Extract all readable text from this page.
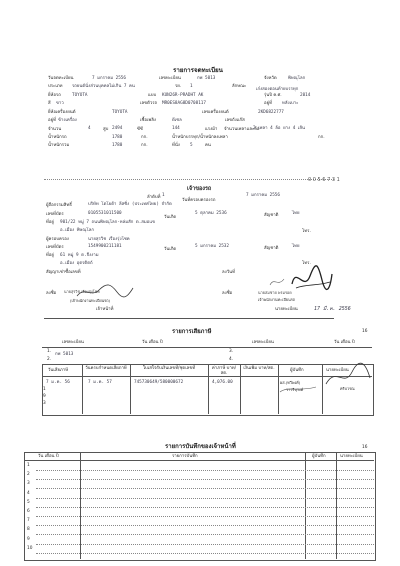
รายการจดทะเบียน
วันจดทะเบียน	7 มกราคม 2556	เลขทะเบียน	กพ 5013	จังหวัด	พิษณุโลก
ประเภท รถยนต์นั่งส่วนบุคคลไม่เกิน 7 คน	รย. 1	ลักษณะ
เก๋งสองตอนท้ายบรรทุก
ยี่ห้อรถ	TOYOTA	แบบ KUN26R-PRADHT AK	รุ่นปี ค.ศ.	2014
สี ขาว	เลขตัวรถ MR0ES8AG8D0708117	อยู่ที่ หลังเบาะ
ยี่ห้อเครื่องยนต์	TOYOTA	เลขเครื่องยนต์	2KD6822777
อยู่ที่ ข้างเครื่อง	เชื้อเพลิง	ดีเซล	เลขถังแก๊ส
จำนวน	4	สูบ 2494	ซีซี	144	แรงม้า จำนวนเพลาและล้อ
2 เพลา 4 ล้อ ยาง 4 เส้น
น้ำหนักรถ	1780	กก.	น้ำหนักบรรทุก/น้ำหนักลงเพลา	กก.
น้ำหนักรวม	1780	กก.	ที่นั่ง 5	คน
0 0 5 6 7 3 1
เจ้าของรถ
ลำดับที่ 1
วันที่ครอบครองรถ
7 มกราคม 2556
ผู้ถือกรรมสิทธิ์	บริษัท โตโยต้า ลีสซิ่ง (ประเทศไทย) จำกัด
เลขที่บัตร	0105531011500
วันเกิด
5 ตุลาคม 2536	สัญชาติ	ไทย
ที่อยู่ 901/22 หมู่ 7 ถนนพิษณุโลก-หล่มสัก ต.สมอแข
อ.เมือง พิษณุโลก	โทร.
ผู้ครอบครอง	นายสุรวิช เรืองรุ่งโชค
เลขที่บัตร	1549900211181
วันเกิด
5 มกราคม 2532	สัญชาติ	ไทย
ที่อยู่ 61 หมู่ 9 ต.จึงงาม
อ.เมือง อุตรดิตถ์	โทร.
สัญญาเช่าซื้อเลขที่	ลงวันที่
ลงชื่อ นายสุรวิช เรืองรุ่งโชค
(เจ้าพนักงานทะเบียนรถ)
เจ้าหน้าที่
ลงชื่อ	นายสมชาย พรมรอด
เจ้าพนักงานทะเบียนรถ
นายทะเบียน	17 มี.ค. 2556
รายการเสียภาษี	16
เลขทะเบียน	วัน เดือน ปี	เลขทะเบียน	วัน เดือน ปี
1.
กพ 5013
2.
3.
4.
วันเสียภาษี	วันครบกำหนดเสียภาษี	ใบเสร็จรับเงินเลขที่/ชุดเลขที่	ค่าภาษี บาท/สต.
เงินเพิ่ม บาท/สต.	ผู้บันทึก	นายทะเบียน
7 ม.ค. 56	7 ม.ค. 57	745730649/580000672	4,076.00	ผส.(ทวีพงศ์)
คริบวรณ
วาวรีบุรงค์
1
9
3
รายการบันทึกของเจ้าหน้าที่	16
วัน เดือน ปี	รายการบันทึก	ผู้บันทึก	นายทะเบียน
1
2
3
4
5
6
7
8
9
10
